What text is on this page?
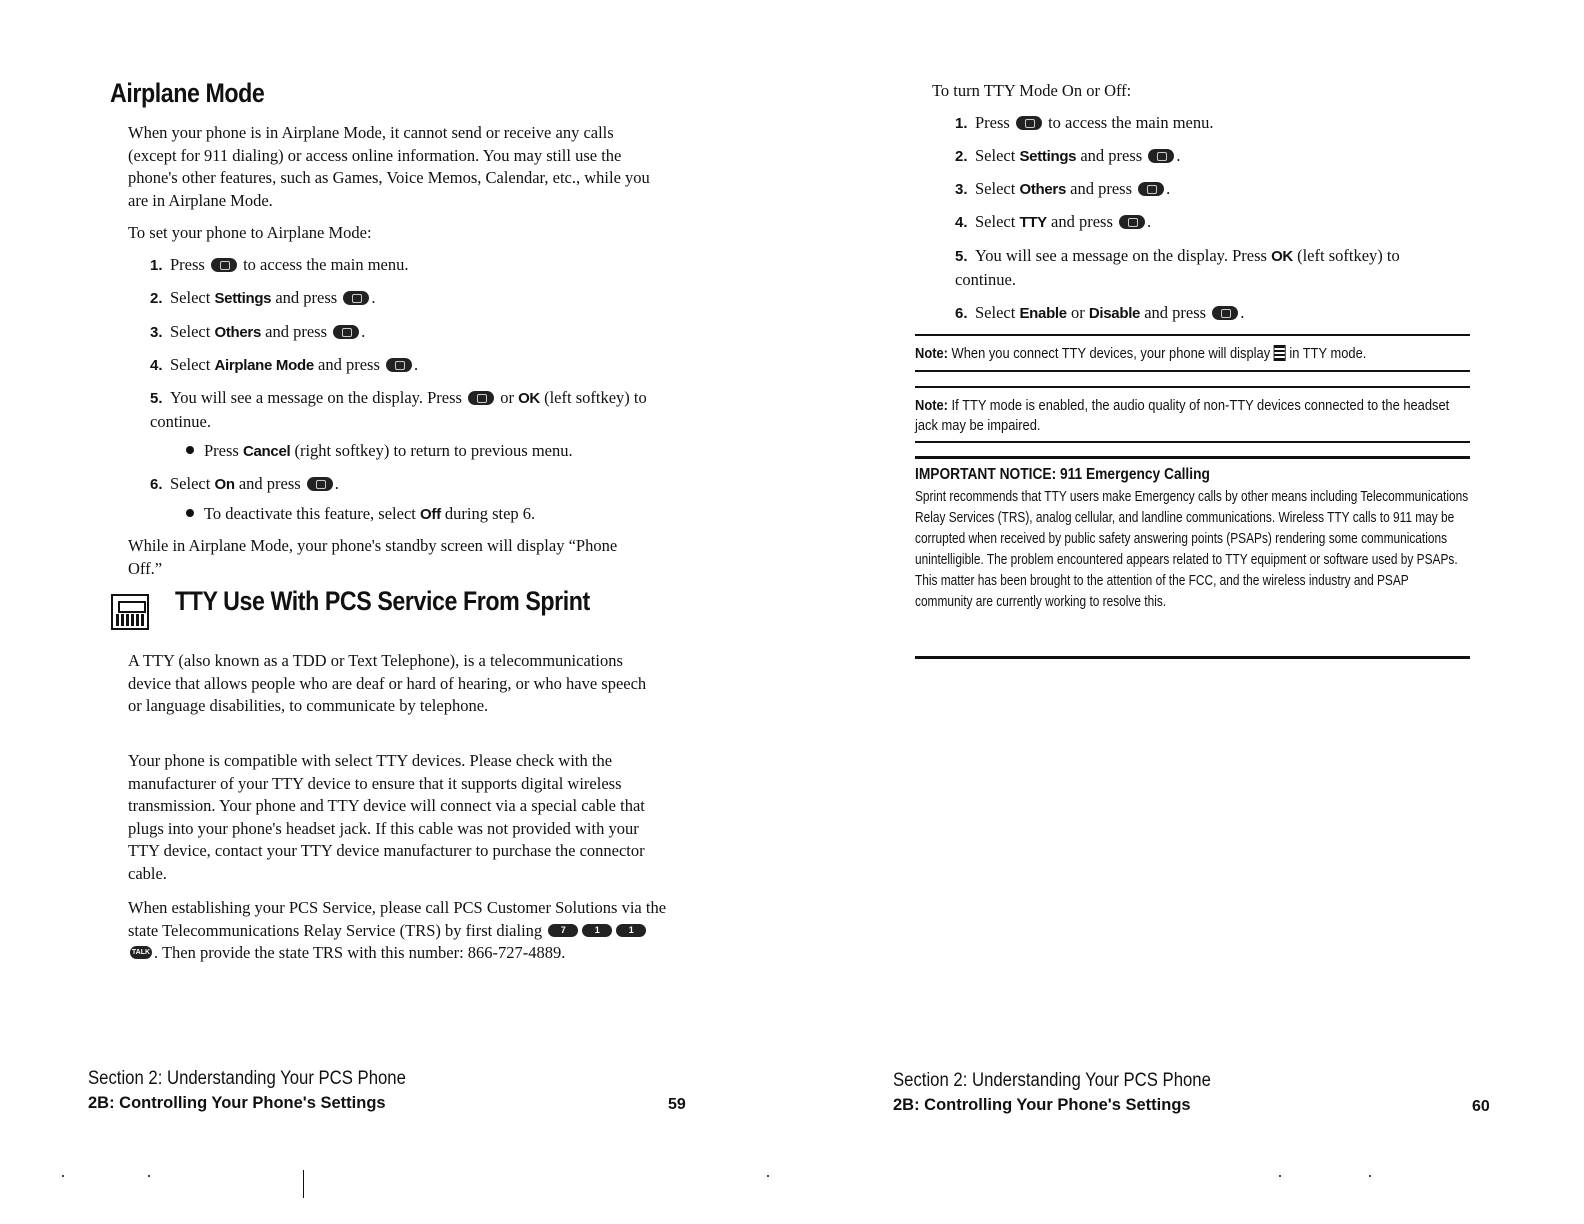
Airplane Mode

When your phone is in Airplane Mode, it cannot send or receive any calls (except for 911 dialing) or access online information. You may still use the phone's other features, such as Games, Voice Memos, Calendar, etc., while you are in Airplane Mode.

To set your phone to Airplane Mode:

1. Press to access the main menu.

2. Select Settings and press .

3. Select Others and press .

4. Select Airplane Mode and press .

5. You will see a message on the display. Press or OK (left softkey) to continue.

Press Cancel (right softkey) to return to previous menu.

6. Select On and press .

To deactivate this feature, select Off during step 6.

While in Airplane Mode, your phone's standby screen will display “Phone Off.”

TTY Use With PCS Service From Sprint

A TTY (also known as a TDD or Text Telephone), is a telecommunications device that allows people who are deaf or hard of hearing, or who have speech or language disabilities, to communicate by telephone.

Your phone is compatible with select TTY devices. Please check with the manufacturer of your TTY device to ensure that it supports digital wireless transmission. Your phone and TTY device will connect via a special cable that plugs into your phone's headset jack. If this cable was not provided with your TTY device, contact your TTY device manufacturer to purchase the connector cable.

When establishing your PCS Service, please call PCS Customer Solutions via the state Telecommunications Relay Service (TRS) by first dialing	7	1	1
TALK . Then provide the state TRS with this number: 866-727-4889.

Section 2: Understanding Your PCS Phone
2B: Controlling Your Phone's Settings	59

To turn TTY Mode On or Off:

1. Press to access the main menu.

2. Select Settings and press .

3. Select Others and press .

4. Select TTY and press .

5. You will see a message on the display. Press OK (left softkey) to continue.

6. Select Enable or Disable and press .

Note: When you connect TTY devices, your phone will display in TTY mode.

Note: If TTY mode is enabled, the audio quality of non-TTY devices connected to the headset jack may be impaired.

IMPORTANT NOTICE: 911 Emergency Calling

Sprint recommends that TTY users make Emergency calls by other means including Telecommunications Relay Services (TRS), analog cellular, and landline communications. Wireless TTY calls to 911 may be corrupted when received by public safety answering points (PSAPs) rendering some communications unintelligible. The problem encountered appears related to TTY equipment or software used by PSAPs. This matter has been brought to the attention of the FCC, and the wireless industry and PSAP community are currently working to resolve this.

Section 2: Understanding Your PCS Phone
2B: Controlling Your Phone's Settings	60
